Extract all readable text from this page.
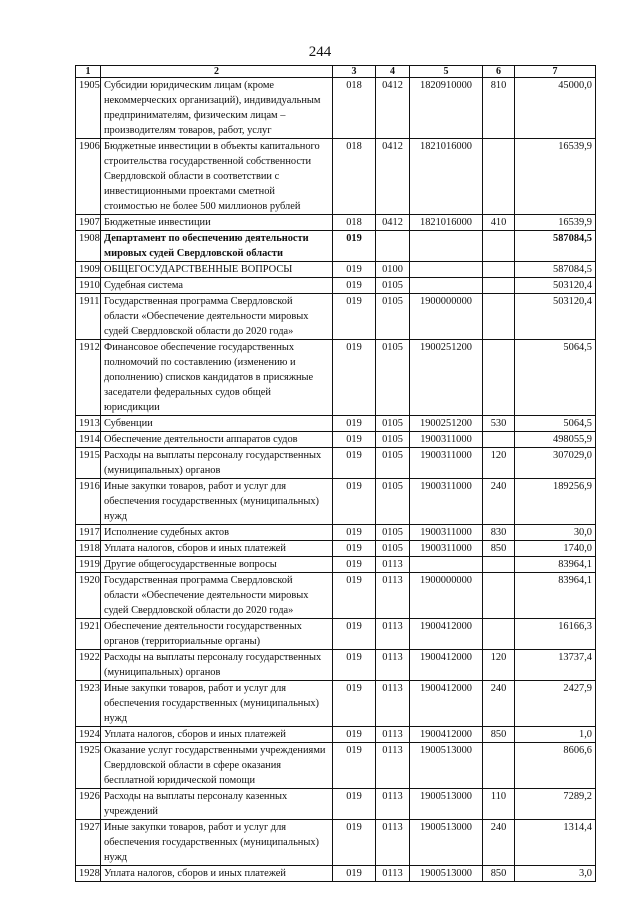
244
1	2	3	4	5	6	7
1905	Субсидии юридическим лицам (кроме некоммерческих организаций), индивидуальным предпринимателям, физическим лицам – производителям товаров, работ, услуг	018	0412	1820910000	810	45000,0
1906	Бюджетные инвестиции в объекты капитального строительства государственной собственности Свердловской области в соответствии с инвестиционными проектами сметной стоимостью не более 500 миллионов рублей	018	0412	1821016000		16539,9
1907	Бюджетные инвестиции	018	0412	1821016000	410	16539,9
1908	Департамент по обеспечению деятельности мировых судей Свердловской области	019				587084,5
1909	ОБЩЕГОСУДАРСТВЕННЫЕ ВОПРОСЫ	019	0100			587084,5
1910	Судебная система	019	0105			503120,4
1911	Государственная программа Свердловской области «Обеспечение деятельности мировых судей Свердловской области до 2020 года»	019	0105	1900000000		503120,4
1912	Финансовое обеспечение государственных полномочий по составлению (изменению и дополнению) списков кандидатов в присяжные заседатели федеральных судов общей юрисдикции	019	0105	1900251200		5064,5
1913	Субвенции	019	0105	1900251200	530	5064,5
1914	Обеспечение деятельности аппаратов судов	019	0105	1900311000		498055,9
1915	Расходы на выплаты персоналу государственных (муниципальных) органов	019	0105	1900311000	120	307029,0
1916	Иные закупки товаров, работ и услуг для обеспечения государственных (муниципальных) нужд	019	0105	1900311000	240	189256,9
1917	Исполнение судебных актов	019	0105	1900311000	830	30,0
1918	Уплата налогов, сборов и иных платежей	019	0105	1900311000	850	1740,0
1919	Другие общегосударственные вопросы	019	0113			83964,1
1920	Государственная программа Свердловской области «Обеспечение деятельности мировых судей Свердловской области до 2020 года»	019	0113	1900000000		83964,1
1921	Обеспечение деятельности государственных органов (территориальные органы)	019	0113	1900412000		16166,3
1922	Расходы на выплаты персоналу государственных (муниципальных) органов	019	0113	1900412000	120	13737,4
1923	Иные закупки товаров, работ и услуг для обеспечения государственных (муниципальных) нужд	019	0113	1900412000	240	2427,9
1924	Уплата налогов, сборов и иных платежей	019	0113	1900412000	850	1,0
1925	Оказание услуг государственными учреждениями Свердловской области в сфере оказания бесплатной юридической помощи	019	0113	1900513000		8606,6
1926	Расходы на выплаты персоналу казенных учреждений	019	0113	1900513000	110	7289,2
1927	Иные закупки товаров, работ и услуг для обеспечения государственных (муниципальных) нужд	019	0113	1900513000	240	1314,4
1928	Уплата налогов, сборов и иных платежей	019	0113	1900513000	850	3,0
